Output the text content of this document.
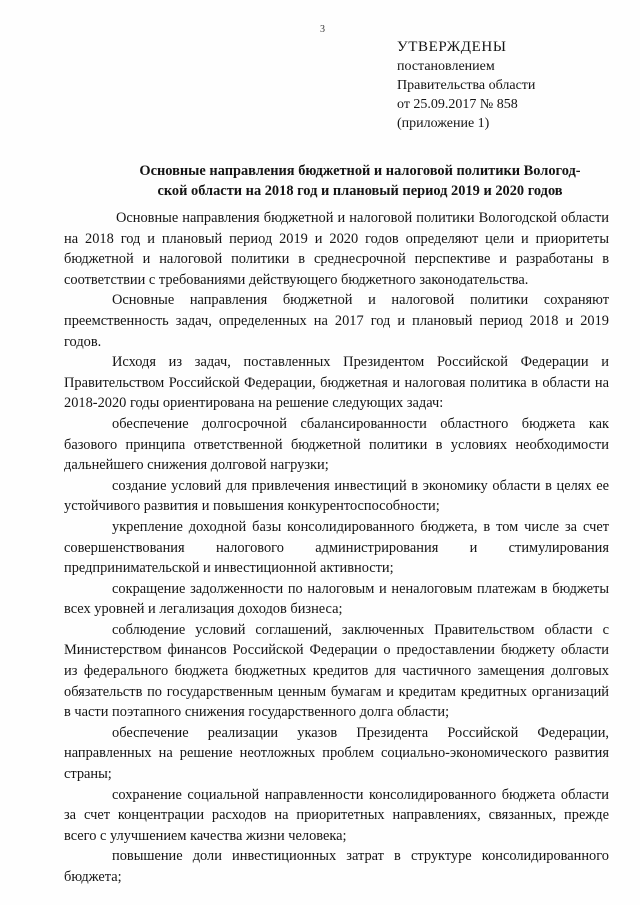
3
УТВЕРЖДЕНЫ
постановлением
Правительства области
от 25.09.2017 № 858
(приложение 1)
Основные направления бюджетной и налоговой политики Вологод-
ской области на 2018 год и плановый период 2019 и 2020 годов

Основные направления бюджетной и налоговой политики Вологодской области на 2018 год и плановый период 2019 и 2020 годов определяют цели и приоритеты бюджетной и налоговой политики в среднесрочной перспективе и разработаны в соответствии с требованиями действующего бюджетного законодательства.

Основные направления бюджетной и налоговой политики сохраняют преемственность задач, определенных на 2017 год и плановый период 2018 и 2019 годов.

Исходя из задач, поставленных Президентом Российской Федерации и Правительством Российской Федерации, бюджетная и налоговая политика в области на 2018-2020 годы ориентирована на решение следующих задач:

обеспечение долгосрочной сбалансированности областного бюджета как базового принципа ответственной бюджетной политики в условиях необходимости дальнейшего снижения долговой нагрузки;

создание условий для привлечения инвестиций в экономику области в целях ее устойчивого развития и повышения конкурентоспособности;

укрепление доходной базы консолидированного бюджета, в том числе за счет совершенствования налогового администрирования и стимулирования предпринимательской и инвестиционной активности;

сокращение задолженности по налоговым и неналоговым платежам в бюджеты всех уровней и легализация доходов бизнеса;

соблюдение условий соглашений, заключенных Правительством области с Министерством финансов Российской Федерации о предоставлении бюджету области из федерального бюджета бюджетных кредитов для частичного замещения долговых обязательств по государственным ценным бумагам и кредитам кредитных организаций в части поэтапного снижения государственного долга области;

обеспечение реализации указов Президента Российской Федерации, направленных на решение неотложных проблем социально-экономического развития страны;

сохранение социальной направленности консолидированного бюджета области за счет концентрации расходов на приоритетных направлениях, связанных, прежде всего с улучшением качества жизни человека;

повышение доли инвестиционных затрат в структуре консолидированного бюджета;
